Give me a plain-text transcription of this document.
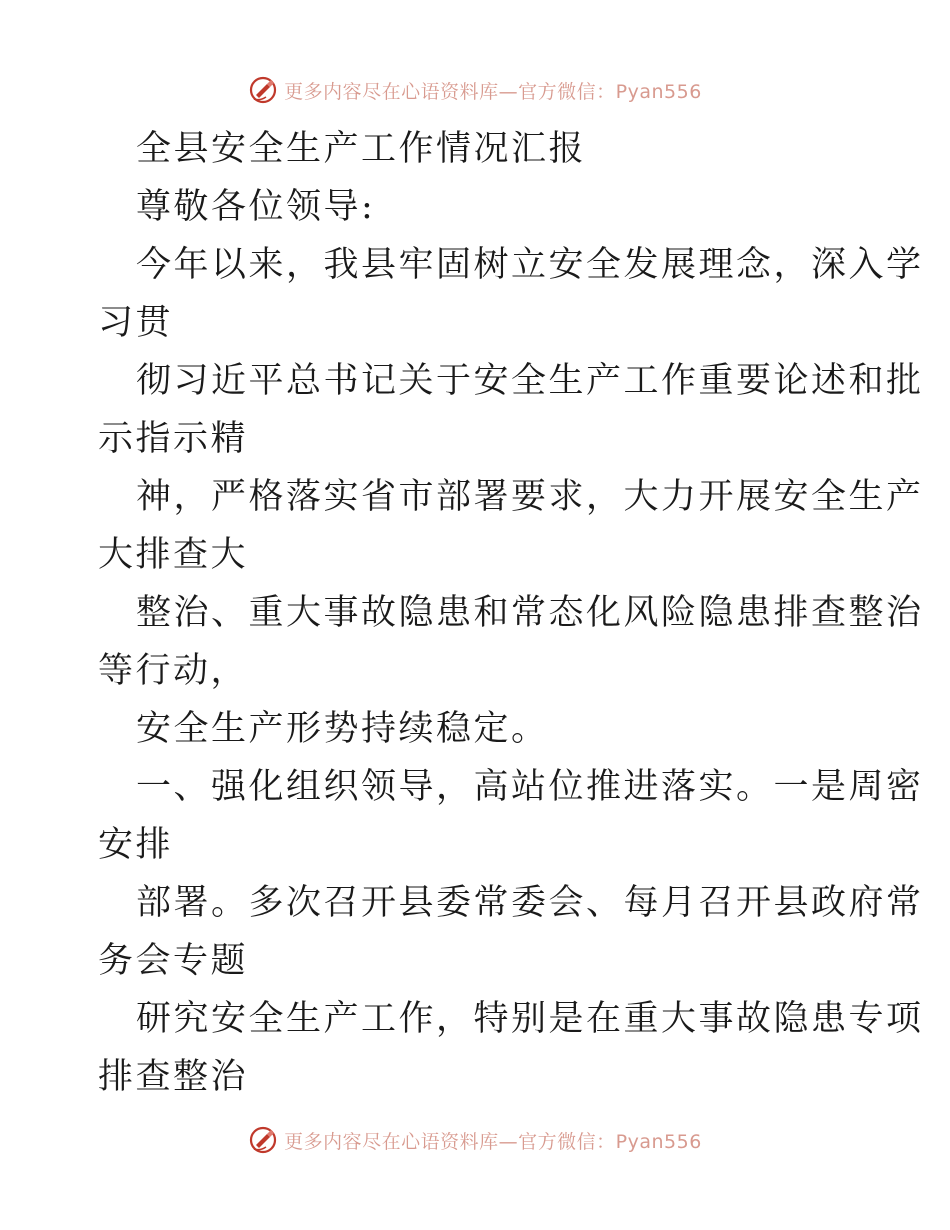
更多内容尽在心语资料库—官方微信：Pyan556
全县安全生产工作情况汇报
尊敬各位领导:
今年以来，我县牢固树立安全发展理念，深入学
习贯
彻习近平总书记关于安全生产工作重要论述和批
示指示精
神，严格落实省市部署要求，大力开展安全生产
大排查大
整治、重大事故隐患和常态化风险隐患排查整治
等行动，
安全生产形势持续稳定。
一、强化组织领导，高站位推进落实。一是周密
安排
部署。多次召开县委常委会、每月召开县政府常
务会专题
研究安全生产工作，特别是在重大事故隐患专项
排查整治
更多内容尽在心语资料库—官方微信：Pyan556
